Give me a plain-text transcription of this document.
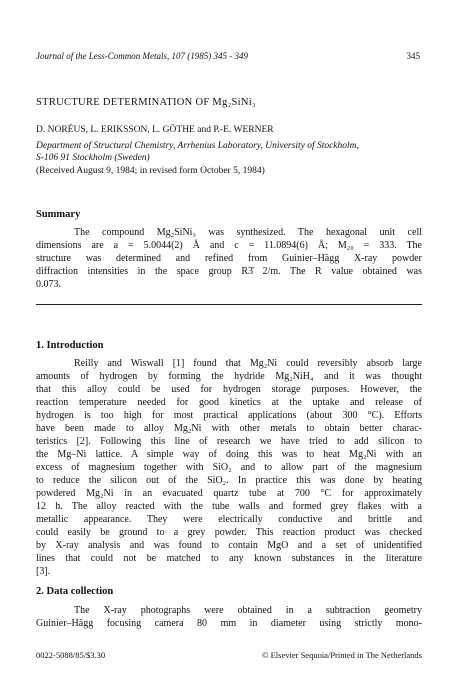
Journal of the Less-Common Metals, 107 (1985) 345 - 349	345
STRUCTURE DETERMINATION OF Mg₂SiNi₃
D. NORÉUS, L. ERIKSSON, L. GÖTHE and P.-E. WERNER
Department of Structural Chemistry, Arrhenius Laboratory, University of Stockholm,
S-106 91 Stockholm (Sweden)
(Received August 9, 1984; in revised form October 5, 1984)
Summary
The compound Mg₂SiNi₃ was synthesized. The hexagonal unit cell
dimensions are a = 5.0044(2) Å and c = 11.0894(6) Å; M₂₀ = 333. The
structure was determined and refined from Guinier–Hägg X-ray powder
diffraction intensities in the space group R3̄ 2/m. The R value obtained was
0.073.
1. Introduction
Reilly and Wiswall [1] found that Mg₂Ni could reversibly absorb large
amounts of hydrogen by forming the hydride Mg₂NiH₄ and it was thought
that this alloy could be used for hydrogen storage purposes. However, the
reaction temperature needed for good kinetics at the uptake and release of
hydrogen is too high for most practical applications (about 300 °C). Efforts
have been made to alloy Mg₂Ni with other metals to obtain better charac-
teristics [2]. Following this line of research we have tried to add silicon to
the Mg–Ni lattice. A simple way of doing this was to heat Mg₂Ni with an
excess of magnesium together with SiO₂ and to allow part of the magnesium
to reduce the silicon out of the SiO₂. In practice this was done by heating
powdered Mg₂Ni in an evacuated quartz tube at 700 °C for approximately
12 h. The alloy reacted with the tube walls and formed grey flakes with a
metallic appearance. They were electrically conductive and brittle and
could easily be ground to a grey powder. This reaction product was checked
by X-ray analysis and was found to contain MgO and a set of unidentified
lines that could not be matched to any known substances in the literature
[3].
2. Data collection
The X-ray photographs were obtained in a subtraction geometry
Guinier–Hägg focusing camera 80 mm in diameter using strictly mono-
0022-5088/85/$3.30	© Elsevier Sequoia/Printed in The Netherlands
